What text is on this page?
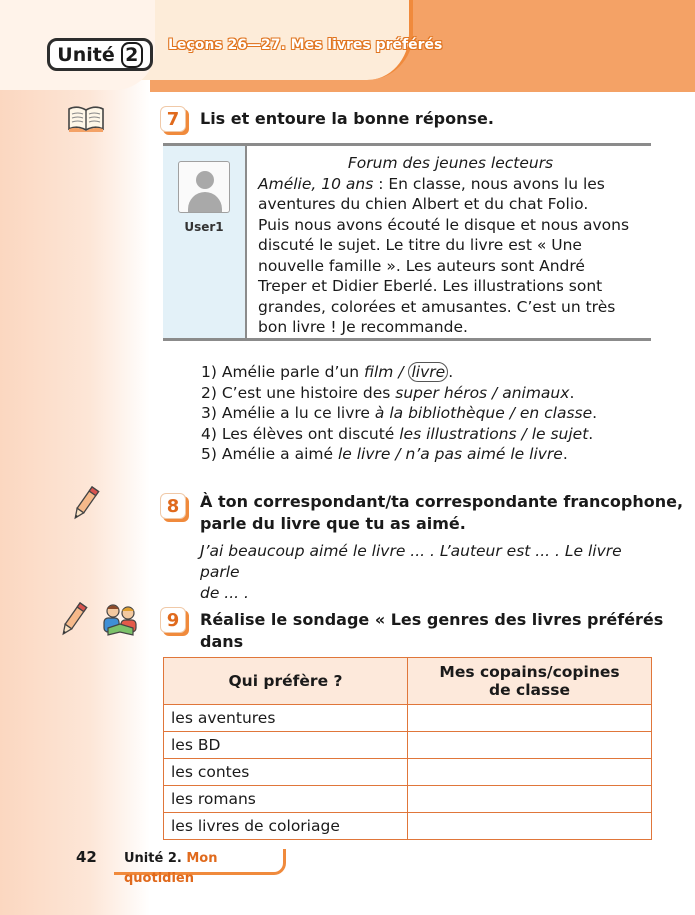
Unité 2	Leçons 26—27. Mes livres préférés
7	Lis et entoure la bonne réponse.
User1
Forum des jeunes lecteurs
Amélie, 10 ans : En classe, nous avons lu les
aventures du chien Albert et du chat Folio.
Puis nous avons écouté le disque et nous avons
discuté le sujet. Le titre du livre est « Une
nouvelle famille ». Les auteurs sont André
Treper et Didier Eberlé. Les illustrations sont
grandes, colorées et amusantes. C’est un très
bon livre ! Je recommande.
1) Amélie parle d’un film / livre .
2) C’est une histoire des super héros / animaux.
3) Amélie a lu ce livre à la bibliothèque / en classe.
4) Les élèves ont discuté les illustrations / le sujet.
5) Amélie a aimé le livre / n’a pas aimé le livre.
8	À ton correspondant/ta correspondante francophone,
parle du livre que tu as aimé.
J’ai beaucoup aimé le livre ... . L’auteur est ... . Le livre parle
de ... .
9	Réalise le sondage « Les genres des livres préférés dans
Qui préfère ?	Mes copains/copines
de classe

les aventures	
les BD	
les contes	
les romans	
les livres de coloriage	
42	Unité 2. Mon quotidien
